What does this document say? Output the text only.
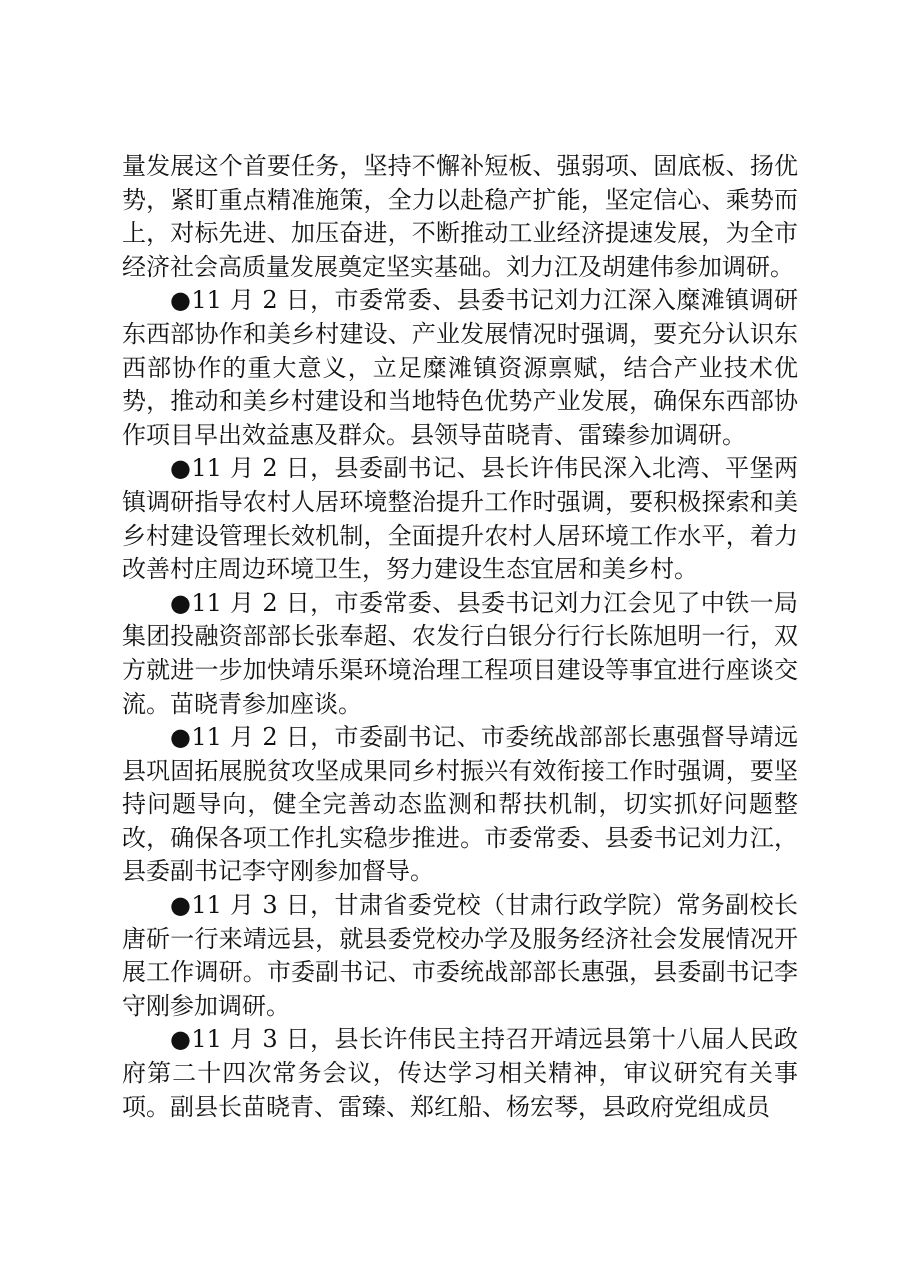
量发展这个首要任务，坚持不懈补短板、强弱项、固底板、扬优势，紧盯重点精准施策，全力以赴稳产扩能，坚定信心、乘势而上，对标先进、加压奋进，不断推动工业经济提速发展，为全市经济社会高质量发展奠定坚实基础。刘力江及胡建伟参加调研。

●11 月 2 日，市委常委、县委书记刘力江深入糜滩镇调研东西部协作和美乡村建设、产业发展情况时强调，要充分认识东西部协作的重大意义，立足糜滩镇资源禀赋，结合产业技术优势，推动和美乡村建设和当地特色优势产业发展，确保东西部协作项目早出效益惠及群众。县领导苗晓青、雷臻参加调研。

●11 月 2 日，县委副书记、县长许伟民深入北湾、平堡两镇调研指导农村人居环境整治提升工作时强调，要积极探索和美乡村建设管理长效机制，全面提升农村人居环境工作水平，着力改善村庄周边环境卫生，努力建设生态宜居和美乡村。

●11 月 2 日，市委常委、县委书记刘力江会见了中铁一局集团投融资部部长张奉超、农发行白银分行行长陈旭明一行，双方就进一步加快靖乐渠环境治理工程项目建设等事宜进行座谈交流。苗晓青参加座谈。

●11 月 2 日，市委副书记、市委统战部部长惠强督导靖远县巩固拓展脱贫攻坚成果同乡村振兴有效衔接工作时强调，要坚持问题导向，健全完善动态监测和帮扶机制，切实抓好问题整改，确保各项工作扎实稳步推进。市委常委、县委书记刘力江，县委副书记李守刚参加督导。

●11 月 3 日，甘肃省委党校（甘肃行政学院）常务副校长唐斫一行来靖远县，就县委党校办学及服务经济社会发展情况开展工作调研。市委副书记、市委统战部部长惠强，县委副书记李守刚参加调研。

●11 月 3 日，县长许伟民主持召开靖远县第十八届人民政府第二十四次常务会议，传达学习相关精神，审议研究有关事项。副县长苗晓青、雷臻、郑红船、杨宏琴，县政府党组成员
